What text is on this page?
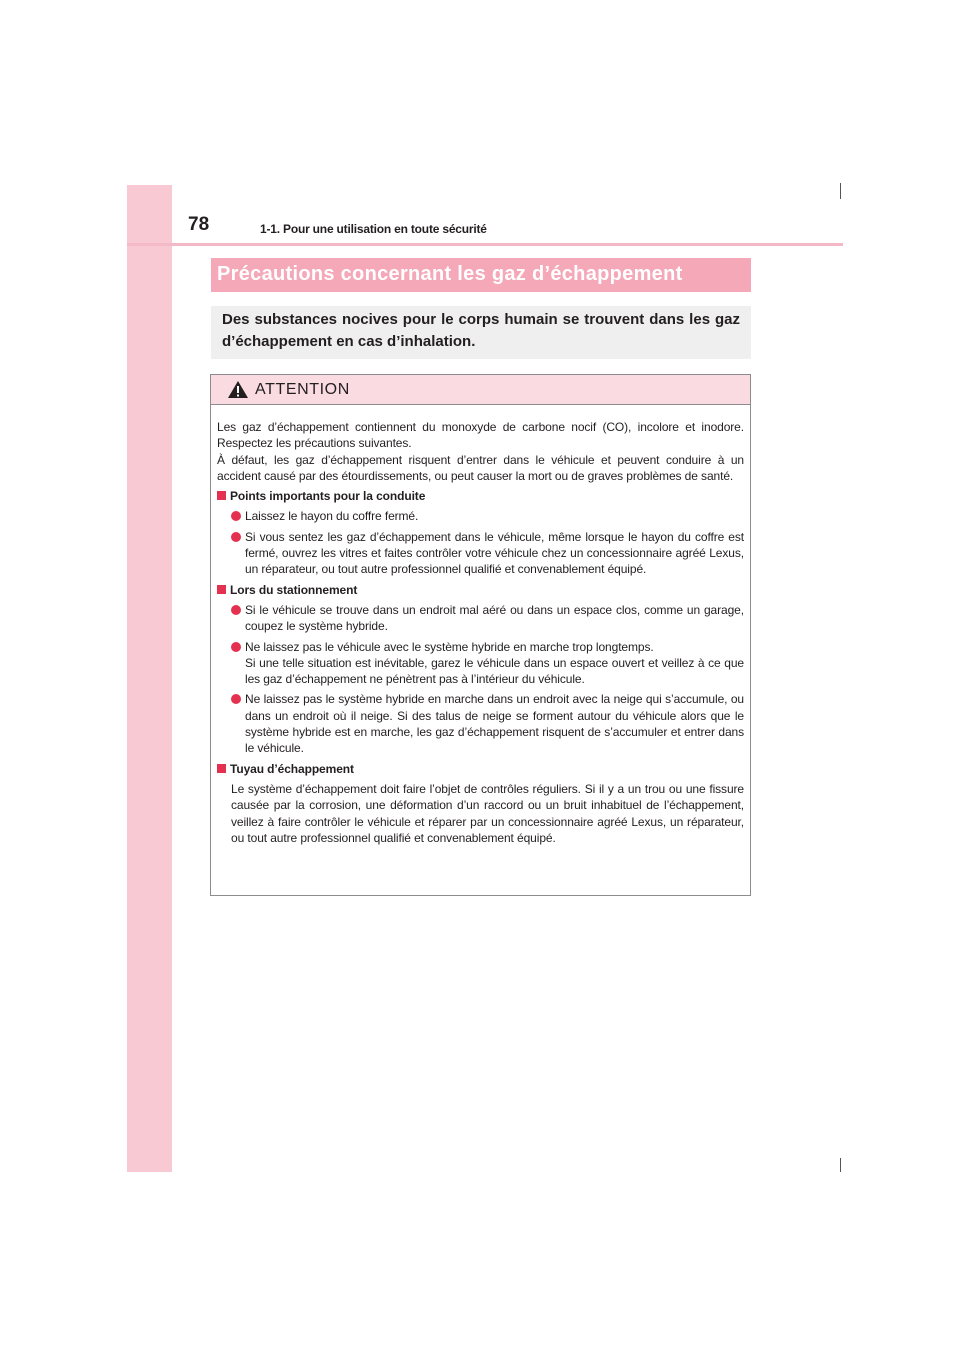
78	1-1. Pour une utilisation en toute sécurité
Précautions concernant les gaz d’échappement
Des substances nocives pour le corps humain se trouvent dans les gaz d’échappement en cas d’inhalation.
ATTENTION

Les gaz d’échappement contiennent du monoxyde de carbone nocif (CO), incolore et inodore. Respectez les précautions suivantes.

À défaut, les gaz d’échappement risquent d’entrer dans le véhicule et peuvent conduire à un accident causé par des étourdissements, ou peut causer la mort ou de graves problèmes de santé.

Points importants pour la conduite
Laissez le hayon du coffre fermé.
Si vous sentez les gaz d’échappement dans le véhicule, même lorsque le hayon du coffre est fermé, ouvrez les vitres et faites contrôler votre véhicule chez un concessionnaire agréé Lexus, un réparateur, ou tout autre professionnel qualifié et convenablement équipé.
Lors du stationnement
Si le véhicule se trouve dans un endroit mal aéré ou dans un espace clos, comme un garage, coupez le système hybride.
Ne laissez pas le véhicule avec le système hybride en marche trop longtemps.
Si une telle situation est inévitable, garez le véhicule dans un espace ouvert et veillez à ce que les gaz d’échappement ne pénètrent pas à l’intérieur du véhicule.
Ne laissez pas le système hybride en marche dans un endroit avec la neige qui s’accumule, ou dans un endroit où il neige. Si des talus de neige se forment autour du véhicule alors que le système hybride est en marche, les gaz d’échappement risquent de s’accumuler et entrer dans le véhicule.
Tuyau d’échappement

Le système d’échappement doit faire l’objet de contrôles réguliers. Si il y a un trou ou une fissure causée par la corrosion, une déformation d’un raccord ou un bruit inhabituel de l’échappement, veillez à faire contrôler le véhicule et réparer par un concessionnaire agréé Lexus, un réparateur, ou tout autre professionnel qualifié et convenablement équipé.
